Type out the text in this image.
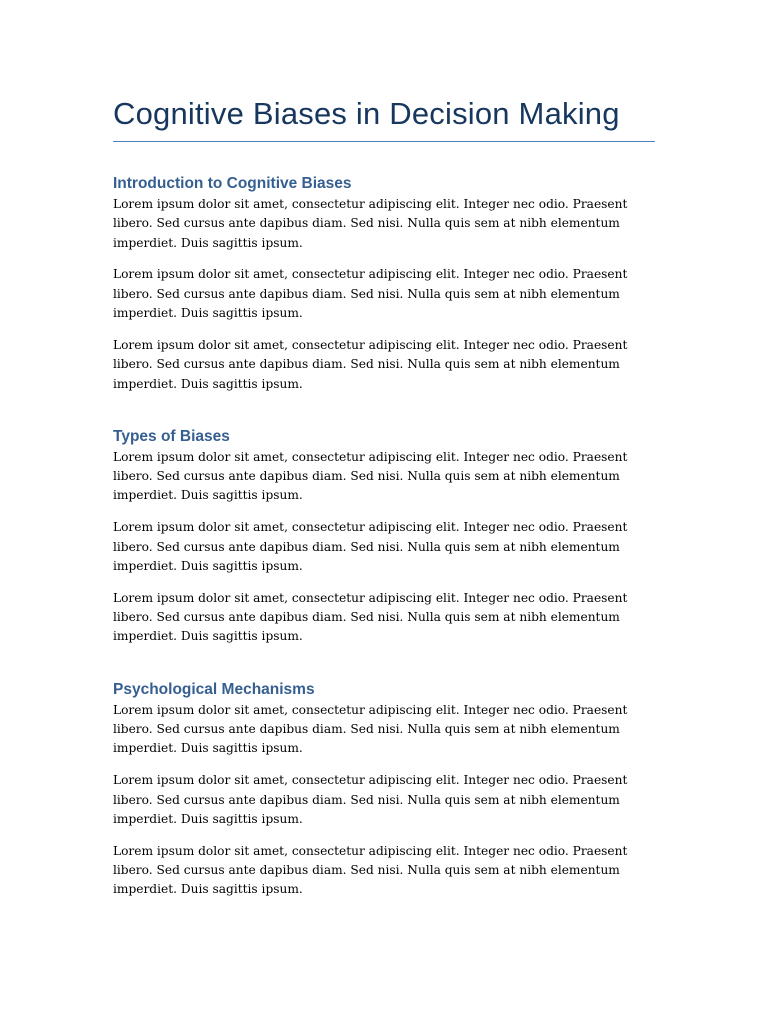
Cognitive Biases in Decision Making
Introduction to Cognitive Biases

Lorem ipsum dolor sit amet, consectetur adipiscing elit. Integer nec odio. Praesent libero. Sed cursus ante dapibus diam. Sed nisi. Nulla quis sem at nibh elementum imperdiet. Duis sagittis ipsum.

Lorem ipsum dolor sit amet, consectetur adipiscing elit. Integer nec odio. Praesent libero. Sed cursus ante dapibus diam. Sed nisi. Nulla quis sem at nibh elementum imperdiet. Duis sagittis ipsum.

Lorem ipsum dolor sit amet, consectetur adipiscing elit. Integer nec odio. Praesent libero. Sed cursus ante dapibus diam. Sed nisi. Nulla quis sem at nibh elementum imperdiet. Duis sagittis ipsum.

Types of Biases

Lorem ipsum dolor sit amet, consectetur adipiscing elit. Integer nec odio. Praesent libero. Sed cursus ante dapibus diam. Sed nisi. Nulla quis sem at nibh elementum imperdiet. Duis sagittis ipsum.

Lorem ipsum dolor sit amet, consectetur adipiscing elit. Integer nec odio. Praesent libero. Sed cursus ante dapibus diam. Sed nisi. Nulla quis sem at nibh elementum imperdiet. Duis sagittis ipsum.

Lorem ipsum dolor sit amet, consectetur adipiscing elit. Integer nec odio. Praesent libero. Sed cursus ante dapibus diam. Sed nisi. Nulla quis sem at nibh elementum imperdiet. Duis sagittis ipsum.

Psychological Mechanisms

Lorem ipsum dolor sit amet, consectetur adipiscing elit. Integer nec odio. Praesent libero. Sed cursus ante dapibus diam. Sed nisi. Nulla quis sem at nibh elementum imperdiet. Duis sagittis ipsum.

Lorem ipsum dolor sit amet, consectetur adipiscing elit. Integer nec odio. Praesent libero. Sed cursus ante dapibus diam. Sed nisi. Nulla quis sem at nibh elementum imperdiet. Duis sagittis ipsum.

Lorem ipsum dolor sit amet, consectetur adipiscing elit. Integer nec odio. Praesent libero. Sed cursus ante dapibus diam. Sed nisi. Nulla quis sem at nibh elementum imperdiet. Duis sagittis ipsum.
